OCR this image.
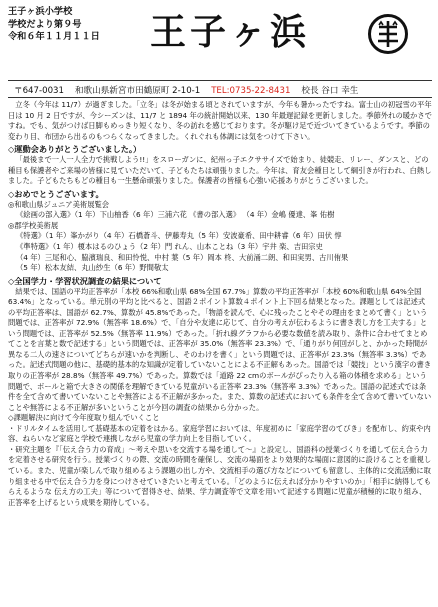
王子ヶ浜小学校
学校だより第９号
令和６年１１月１１日	王子ヶ浜
〒647-0031 和歌山県新宮市田鶴原町 2-10-1 TEL:0735-22-8431 校長 谷口 幸生

立冬（今年は 11/7）が過ぎました。「立冬」は冬が始まる頃とされていますが、今年も暑かったですね。富士山の初冠雪の平年日は 10 月 2 日ですが、今シーズンは、11/7 と 1894 年の統計開始以来、130 年最遅記録を更新しました。季節外れの暖かさですね。でも、気がつけば日脚もめっきり短くなり、冬の訪れを感じております。冬が駆け足で近づいてきているようです。季節の変わり目、布団から出るのもつらくなってきました。くれぐれも体調には気をつけて下さい。

◇運動会ありがとうございました。）

「最後まで一人一人全力で挑戦しよう!!」をスローガンに、紀州っ子エクササイズで始まり、徒競走、リレー、ダンスと、どの種目も保護者やご来場の皆様に見ていただいて、子どもたちは頑張りました。今年は、育友会種目として綱引きが行われ、白熱しました。子どもたちもどの種目も一生懸命頑張りました。保護者の皆様も心強い応援ありがとうございました。

◇おめでとうございます。

◎和歌山県ジュニア美術展覧会

《絵画の部入選》（1 年）下山柚香（6 年）三浦六花 《書の部入選》 （4 年）金嶋 優達、峯 佑樹

◎郡学校美術展

《特選》（1 年）峯かがり（4 年）石橋蒼斗、伊藤寿丸（5 年）安波豪希、田中耕睿（6 年）田伏 惇

《準特選》（1 年）榎本はるのひょう（2 年）門 れん、山本ことね（3 年）宇井 楽、吉田宗史

（4 年）三尾和心、脇濱瑞良、和田怜悦、中村 葉（5 年）岡本 柊、大前涌二朗、和田実男、古川侑果

（5 年）松本友結、丸山紗生（6 年）野間敬太

◇全国学力・学習状況調査の結果について

結果では、国語の平均正答率が「本校 66%和歌山県 68%全国 67.7%」算数の平均正答率が「本校 60%和歌山県 64%全国 63.4%」となっている。単元別の平均と比べると、国語２ポイント算数４ポイント上下回る結果となった。課題としては記述式の平均正答率は、国語が 62.7%、算数が 45.8%であった。「物語を読んで、心に残ったことやその理由をまとめて書く」という問題では、正答率が 72.9%（無答率 18.6%）で、「自分や友達に応じて、自分の考えが伝わるように書き表し方を工夫する」という問題では、正答率が 52.5%（無答率 11.9%）であった。「折れ線グラフから必要な数値を読み取り、条件に合わせてまとめてことを言葉と数で記述する」という問題では、正答率が 35.0%（無答率 23.3%）で、「通りがり何回がしと、かかった時間が異なる二人の速さについてどちらが速いかを判断し、そのわけを書く」という問題では、正答率が 23.3%（無答率 3.3%）であった。記述式問題の他に、基礎的基本的な知識が定着していないことによる不正解もあった。国語では「競技」という漢字の書き取りの正答率が 28.8%（無答率 49.7%）であった。算数では「道路 22 cmのボールがぴったり入る箱の体積を求める」という問題で、ボールと箱で大きさの関係を理解できている児童がいる正答率 23.3%（無答率 3.3%）であった。国語の記述式では条件を全て含めて書いていないことや無答による不正解が多かった。また、算数の記述式においても条件を全て含めて書いていないことや無答による不正解が多いということが今回の調査の結果から分かった。

◇課題解決に向けて今年度取り組んでいくこと

・ドリルタイムを活用して基礎基本の定着をはかる。家庭学習においては、年度初めに「家庭学習のてびき」を配布し、約束や内容、ねらいなど家庭と学校で連携しながら児童の学力向上を目指していく。

・研究主題を『「伝え合う力の育成」～考えや思いを交流する場を通して～』と設定し、国語科の授業づくりを通して伝え合う力を定着させる研究を行う。授業づくりの際、交流の時間を確保し、交流の場面をより効果的な場面に意図的に設けることを重視している。また、児童が楽しんで取り組めるよう課題の出し方や、交流相手の選び方などについても留意し、主体的に交流活動に取り組ませる中で伝え合う力を身につけさせていきたいと考えている。「どのように伝えれば分かりやすいのか」「相手に納得してもらえるような 伝え方の工夫」等について習得させ、結果、学力調査等で文章を用いて記述する問題に児童が積極的に取り組み、正答率を上げるという成果を期待している。
